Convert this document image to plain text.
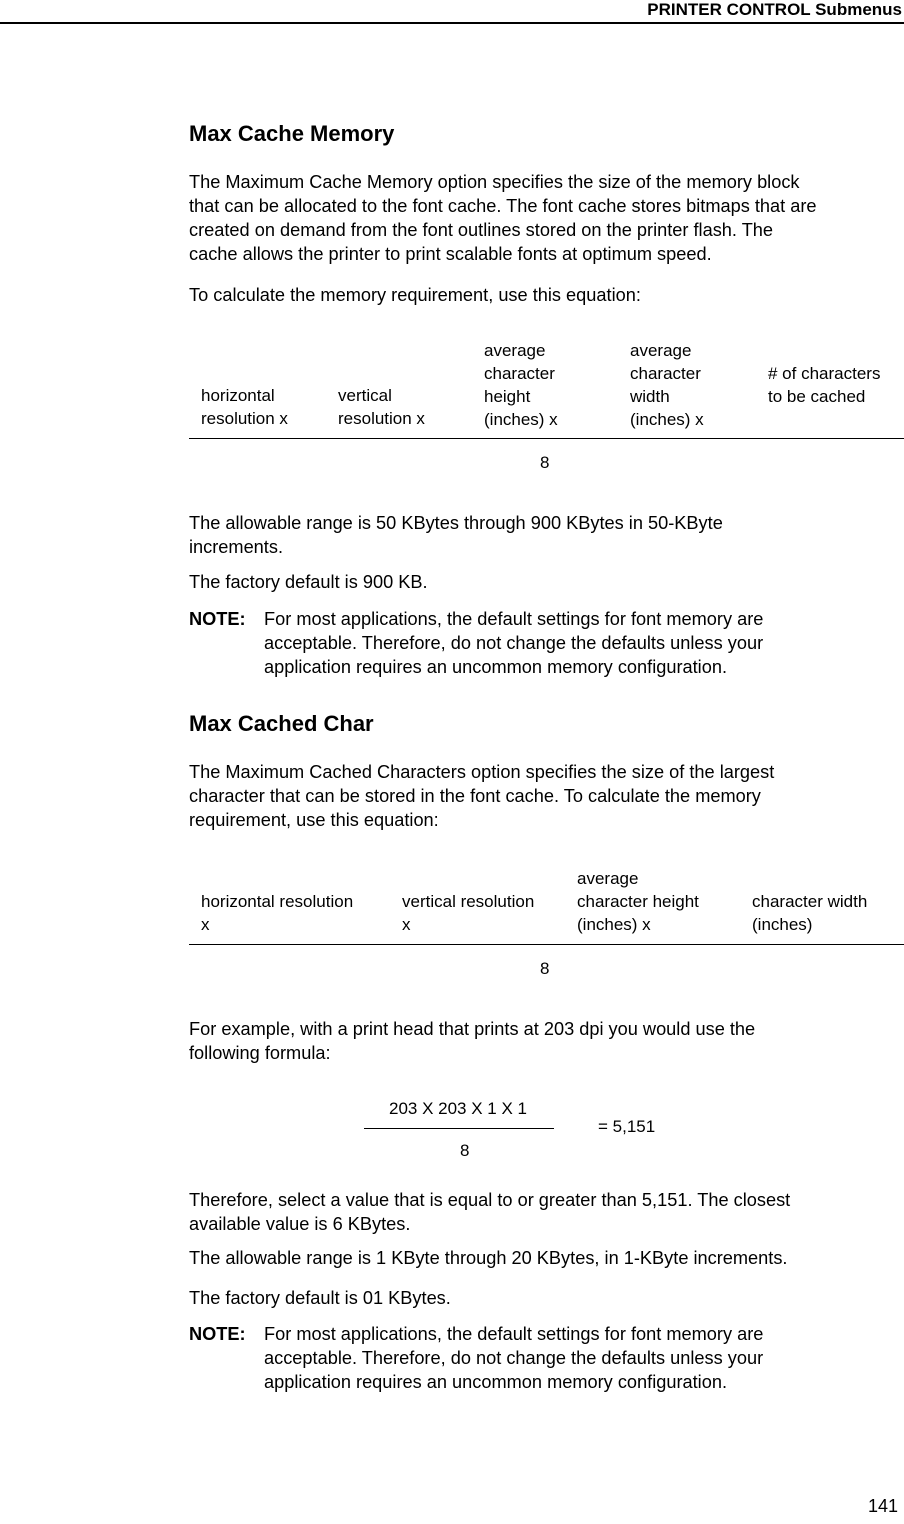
PRINTER CONTROL Submenus
Max Cache Memory
The Maximum Cache Memory option specifies the size of the memory block
that can be allocated to the font cache. The font cache stores bitmaps that are
created on demand from the font outlines stored on the printer flash. The
cache allows the printer to print scalable fonts at optimum speed.
To calculate the memory requirement, use this equation:
The allowable range is 50 KBytes through 900 KBytes in 50-KByte
increments.
The factory default is 900 KB.
NOTE: For most applications, the default settings for font memory are
acceptable. Therefore, do not change the defaults unless your
application requires an uncommon memory configuration.
Max Cached Char
The Maximum Cached Characters option specifies the size of the largest
character that can be stored in the font cache. To calculate the memory
requirement, use this equation:
For example, with a print head that prints at 203 dpi you would use the
following formula:
Therefore, select a value that is equal to or greater than 5,151. The closest
available value is 6 KBytes.
The allowable range is 1 KByte through 20 KBytes, in 1-KByte increments.
The factory default is 01 KBytes.
NOTE: For most applications, the default settings for font memory are
acceptable. Therefore, do not change the defaults unless your
application requires an uncommon memory configuration.
horizontal
resolution x
vertical
resolution x
average
character
height
(inches) x
average
character
width
(inches) x
# of characters
to be cached
8
horizontal resolution
x
vertical resolution
x
average
character height
(inches) x
character width
(inches)
8
203 X 203 X 1 X 1
8
= 5,151
141
